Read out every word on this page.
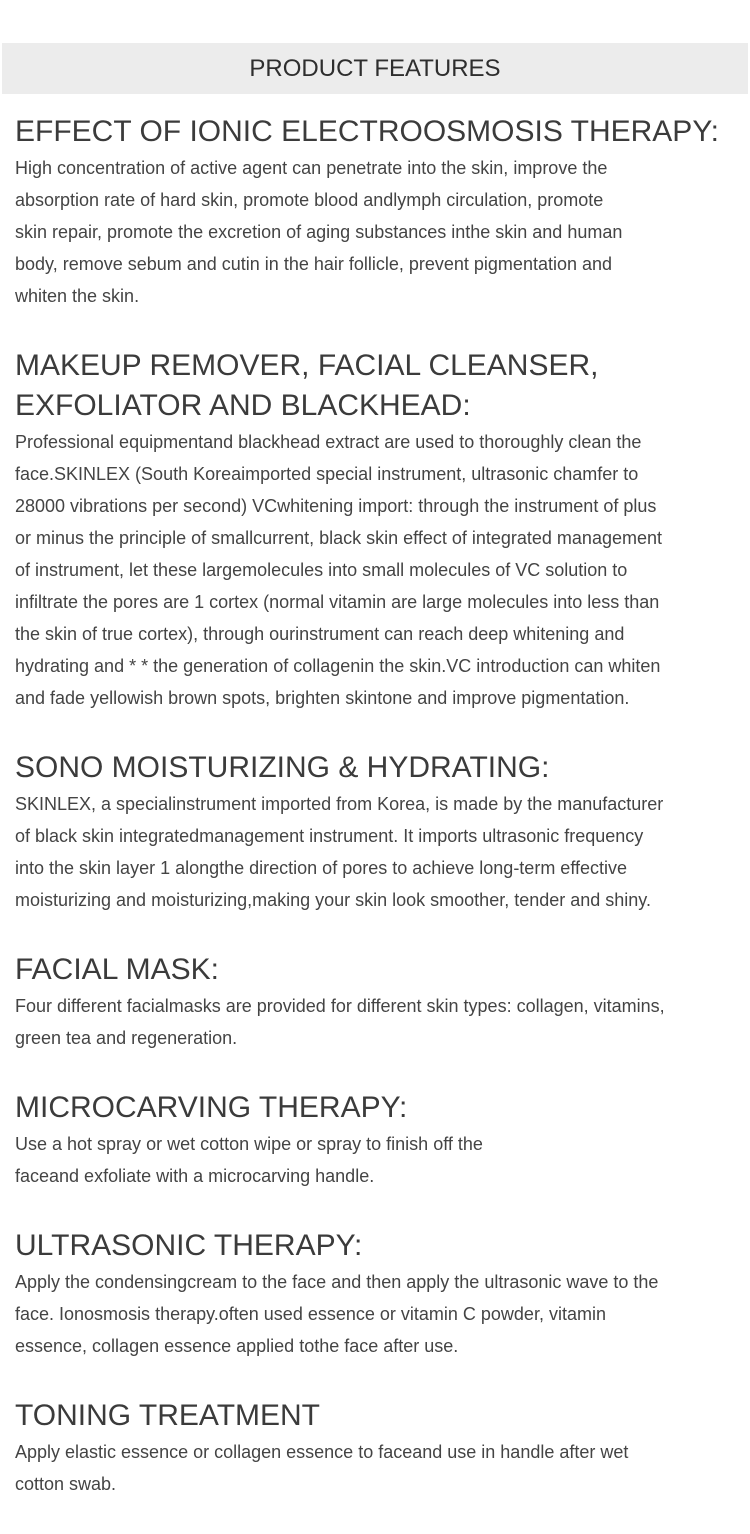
PRODUCT FEATURES
EFFECT OF IONIC ELECTROOSMOSIS THERAPY:
High concentration of active agent can penetrate into the skin, improve the
absorption rate of hard skin, promote blood andlymph circulation, promote
skin repair, promote the excretion of aging substances inthe skin and human
body, remove sebum and cutin in the hair follicle, prevent pigmentation and
whiten the skin.
MAKEUP REMOVER, FACIAL CLEANSER,
EXFOLIATOR AND BLACKHEAD:
Professional equipmentand blackhead extract are used to thoroughly clean the
face.SKINLEX (South Koreaimported special instrument, ultrasonic chamfer to
28000 vibrations per second) VCwhitening import: through the instrument of plus
or minus the principle of smallcurrent, black skin effect of integrated management
of instrument, let these largemolecules into small molecules of VC solution to
infiltrate the pores are 1 cortex (normal vitamin are large molecules into less than
the skin of true cortex), through ourinstrument can reach deep whitening and
hydrating and * * the generation of collagenin the skin.VC introduction can whiten
and fade yellowish brown spots, brighten skintone and improve pigmentation.
SONO MOISTURIZING & HYDRATING:
SKINLEX, a specialinstrument imported from Korea, is made by the manufacturer
of black skin integratedmanagement instrument. It imports ultrasonic frequency
into the skin layer 1 alongthe direction of pores to achieve long-term effective
moisturizing and moisturizing,making your skin look smoother, tender and shiny.
FACIAL MASK:
Four different facialmasks are provided for different skin types: collagen, vitamins,
green tea and regeneration.
MICROCARVING THERAPY:
Use a hot spray or wet cotton wipe or spray to finish off the
faceand exfoliate with a microcarving handle.
ULTRASONIC THERAPY:
Apply the condensingcream to the face and then apply the ultrasonic wave to the
face. Ionosmosis therapy.often used essence or vitamin C powder, vitamin
essence, collagen essence applied tothe face after use.
TONING TREATMENT
Apply elastic essence or collagen essence to faceand use in handle after wet
cotton swab.
